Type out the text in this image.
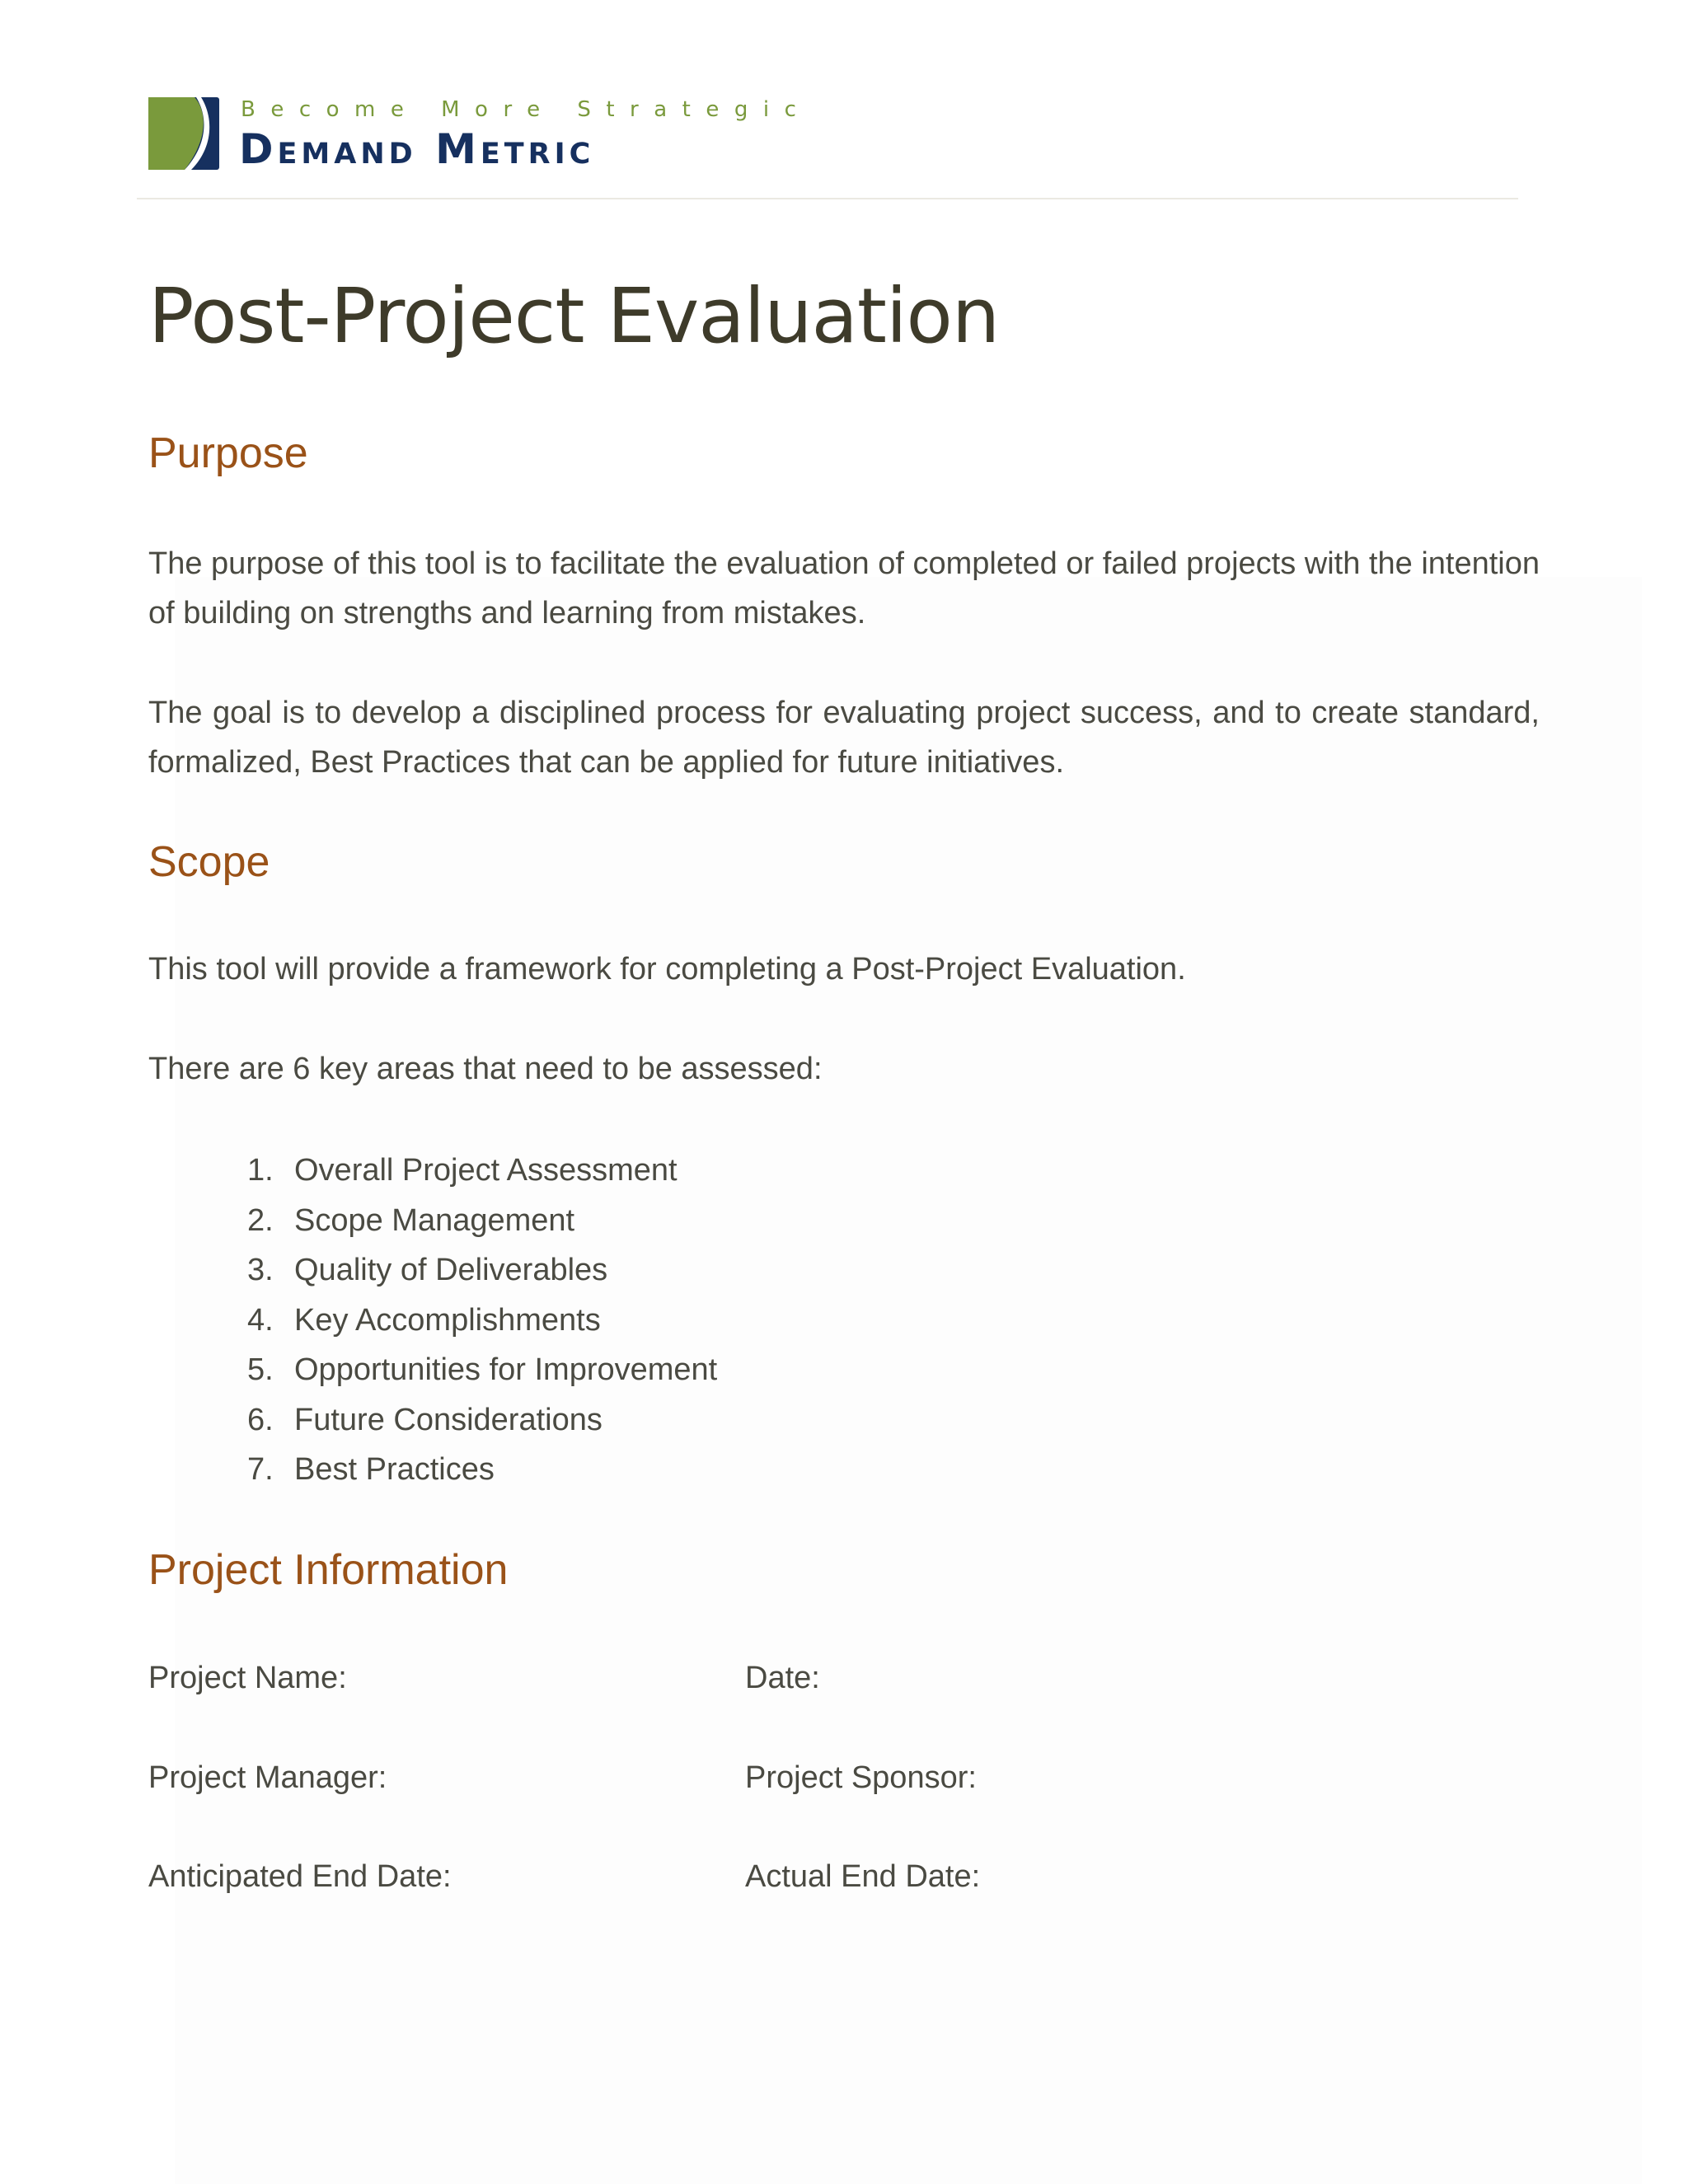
Become More Strategic
Demand Metric
Post-Project Evaluation
Purpose
The purpose of this tool is to facilitate the evaluation of completed or failed projects with the intention of building on strengths and learning from mistakes.
The goal is to develop a disciplined process for evaluating project success, and to create standard, formalized, Best Practices that can be applied for future initiatives.
Scope
This tool will provide a framework for completing a Post-Project Evaluation.
There are 6 key areas that need to be assessed:
1. Overall Project Assessment
2. Scope Management
3. Quality of Deliverables
4. Key Accomplishments
5. Opportunities for Improvement
6. Future Considerations
7. Best Practices
Project Information
Project Name:	Date:
Project Manager:	Project Sponsor:
Anticipated End Date:	Actual End Date:
